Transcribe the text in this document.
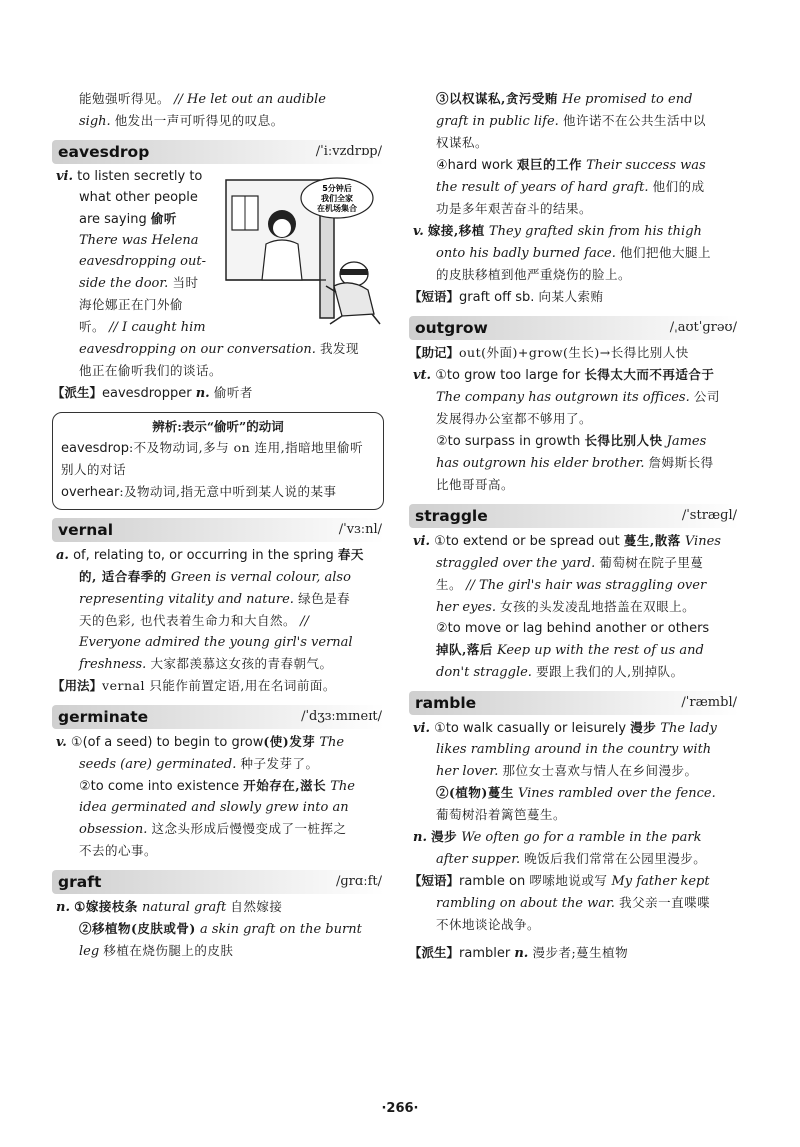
能勉强听得见。 // He let out an audible
sigh. 他发出一声可听得见的叹息。
eavesdrop	/ˈiːvzdrɒp/
vi. to listen secretly to
what other people
are saying 偷听
There was Helena
eavesdropping out-
side the door. 当时
海伦娜正在门外偷
听。 // I caught him
eavesdropping on our conversation. 我发现
他正在偷听我们的谈话。
【派生】eavesdropper n. 偷听者
辨析:表示“偷听”的动词
eavesdrop:不及物动词,多与 on 连用,指暗地里偷听别人的对话
overhear:及物动词,指无意中听到某人说的某事
vernal	/ˈvɜːnl/
a. of, relating to, or occurring in the spring 春天
的, 适合春季的 Green is vernal colour, also
representing vitality and nature. 绿色是春
天的色彩, 也代表着生命力和大自然。 //
Everyone admired the young girl's vernal
freshness. 大家都羡慕这女孩的青春朝气。
【用法】vernal 只能作前置定语,用在名词前面。
germinate	/ˈdʒɜːmɪneɪt/
v. ①(of a seed) to begin to grow(使)发芽 The
seeds (are) germinated. 种子发芽了。
②to come into existence 开始存在,滋长 The
idea germinated and slowly grew into an
obsession. 这念头形成后慢慢变成了一桩挥之
不去的心事。
graft	/ɡrɑːft/
n. ①嫁接枝条 natural graft 自然嫁接
②移植物(皮肤或骨) a skin graft on the burnt
leg 移植在烧伤腿上的皮肤
5分钟后
我们全家
在机场集合
③以权谋私,贪污受贿 He promised to end
graft in public life. 他许诺不在公共生活中以
权谋私。
④hard work 艰巨的工作 Their success was
the result of years of hard graft. 他们的成
功是多年艰苦奋斗的结果。
v. 嫁接,移植 They grafted skin from his thigh
onto his badly burned face. 他们把他大腿上
的皮肤移植到他严重烧伤的脸上。
【短语】graft off sb. 向某人索贿
outgrow	/ˌaʊtˈɡrəʊ/
【助记】out(外面)+grow(生长)→长得比别人快
vt. ①to grow too large for 长得太大而不再适合于
The company has outgrown its offices. 公司
发展得办公室都不够用了。
②to surpass in growth 长得比别人快 James
has outgrown his elder brother. 詹姆斯长得
比他哥哥高。
straggle	/ˈstræɡl/
vi. ①to extend or be spread out 蔓生,散落 Vines
straggled over the yard. 葡萄树在院子里蔓
生。 // The girl's hair was straggling over
her eyes. 女孩的头发凌乱地搭盖在双眼上。
②to move or lag behind another or others
掉队,落后 Keep up with the rest of us and
don't straggle. 要跟上我们的人,别掉队。
ramble	/ˈræmbl/
vi. ①to walk casually or leisurely 漫步 The lady
likes rambling around in the country with
her lover. 那位女士喜欢与情人在乡间漫步。
②(植物)蔓生 Vines rambled over the fence.
葡萄树沿着篱笆蔓生。
n. 漫步 We often go for a ramble in the park
after supper. 晚饭后我们常常在公园里漫步。
【短语】ramble on 啰嗦地说或写 My father kept
rambling on about the war. 我父亲一直喋喋
不休地谈论战争。
【派生】rambler n. 漫步者;蔓生植物
·266·
